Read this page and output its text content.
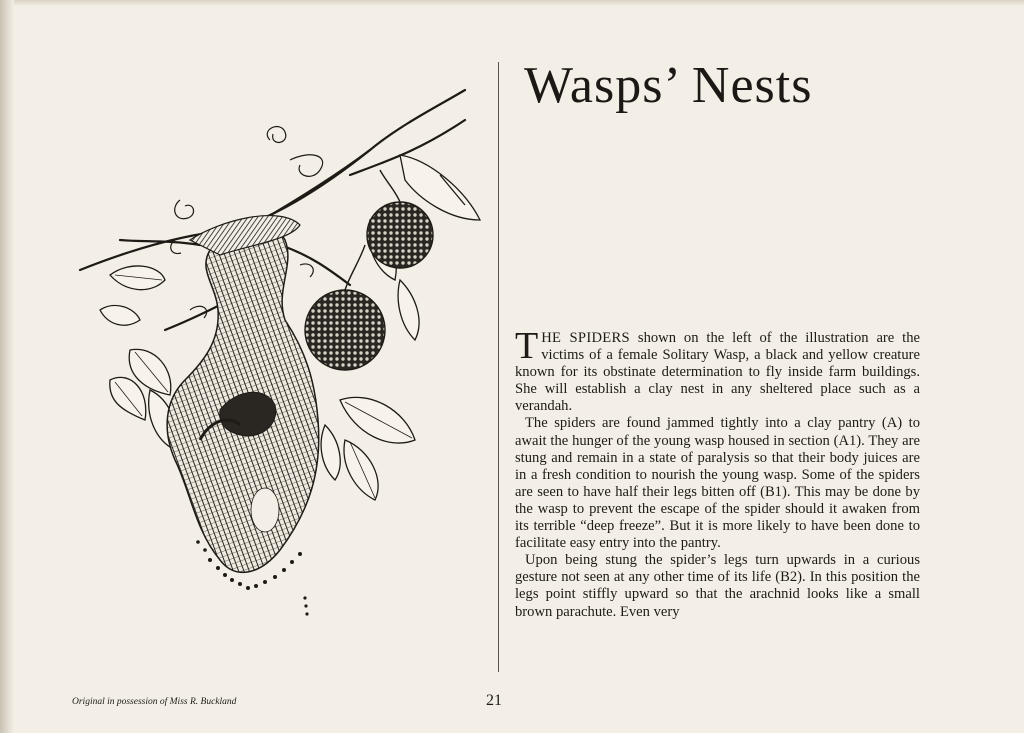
Wasps’ Nests

THE SPIDERS shown on the left of the illustration are the victims of a female Solitary Wasp, a black and yellow creature known for its obstinate determination to fly inside farm buildings. She will establish a clay nest in any sheltered place such as a verandah.

The spiders are found jammed tightly into a clay pantry (A) to await the hunger of the young wasp housed in section (A1). They are stung and remain in a state of paralysis so that their body juices are in a fresh condition to nourish the young wasp. Some of the spiders are seen to have half their legs bitten off (B1). This may be done by the wasp to prevent the escape of the spider should it awaken from its terrible “deep freeze”. But it is more likely to have been done to facilitate easy entry into the pantry.

Upon being stung the spider’s legs turn upwards in a curious gesture not seen at any other time of its life (B2). In this position the legs point stiffly upward so that the arachnid looks like a small brown parachute. Even very

Original in possession of Miss R. Buckland	21
